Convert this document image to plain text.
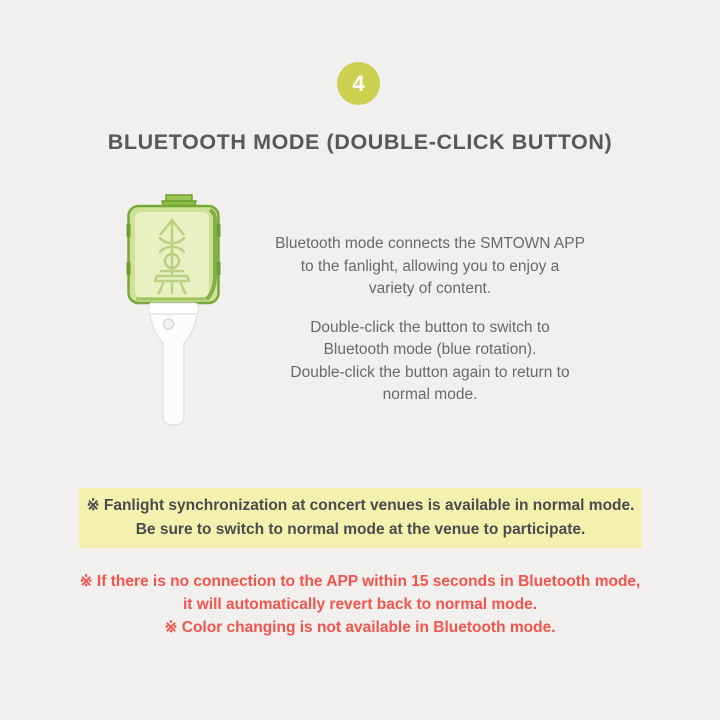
4
BLUETOOTH MODE (DOUBLE-CLICK BUTTON)
Bluetooth mode connects the SMTOWN APP
to the fanlight, allowing you to enjoy a
variety of content.
Double-click the button to switch to
Bluetooth mode (blue rotation).
Double-click the button again to return to
normal mode.
※ Fanlight synchronization at concert venues is available in normal mode.
Be sure to switch to normal mode at the venue to participate.
※ If there is no connection to the APP within 15 seconds in Bluetooth mode,
it will automatically revert back to normal mode.
※ Color changing is not available in Bluetooth mode.
